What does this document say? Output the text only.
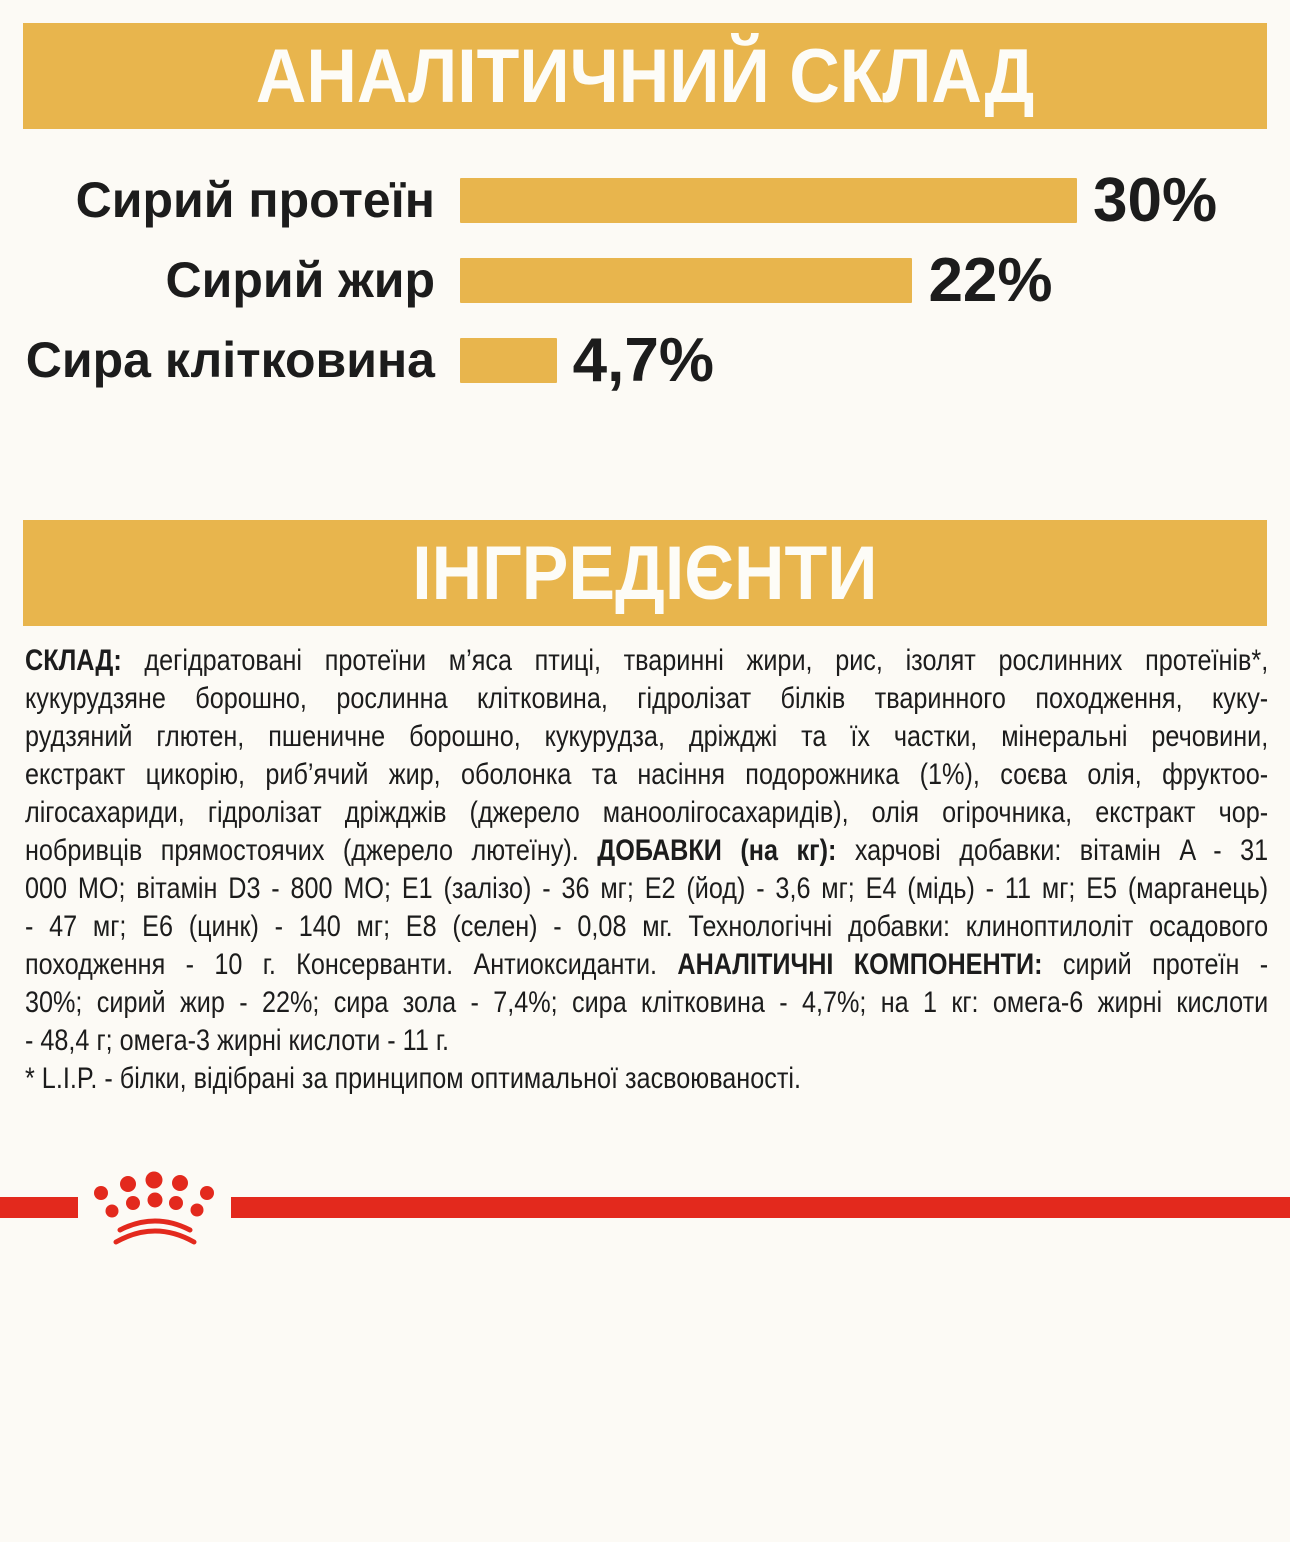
АНАЛІТИЧНИЙ СКЛАД
Сирий протеїн	30%
Сирий жир	22%
Сира клітковина 4,7%
ІНГРЕДІЄНТИ
СКЛАД: дегідратовані протеїни м’яса птиці, тваринні жири, рис, ізолят рослинних протеїнів*,
кукурудзяне борошно, рослинна клітковина, гідролізат білків тваринного походження, куку-
рудзяний глютен, пшеничне борошно, кукурудза, дріжджі та їх частки, мінеральні речовини,
екстракт цикорію, риб’ячий жир, оболонка та насіння подорожника (1%), соєва олія, фруктоо-
лігосахариди, гідролізат дріжджів (джерело маноолігосахаридів), олія огірочника, екстракт чор-
нобривців прямостоячих (джерело лютеїну). ДОБАВКИ (на кг): харчові добавки: вітамін A - 31
000 МО; вітамін D3 - 800 МО; Е1 (залізо) - 36 мг; Е2 (йод) - 3,6 мг; Е4 (мідь) - 11 мг; Е5 (марганець)
- 47 мг; Е6 (цинк) - 140 мг; Е8 (селен) - 0,08 мг. Технологічні добавки: клиноптилоліт осадового
походження - 10 г. Консерванти. Антиоксиданти. АНАЛІТИЧНІ КОМПОНЕНТИ: сирий протеїн -
30%; сирий жир - 22%; сира зола - 7,4%; сира клітковина - 4,7%; на 1 кг: омега-6 жирні кислоти
- 48,4 г; омега-3 жирні кислоти - 11 г.
* L.I.P. - білки, відібрані за принципом оптимальної засвоюваності.
